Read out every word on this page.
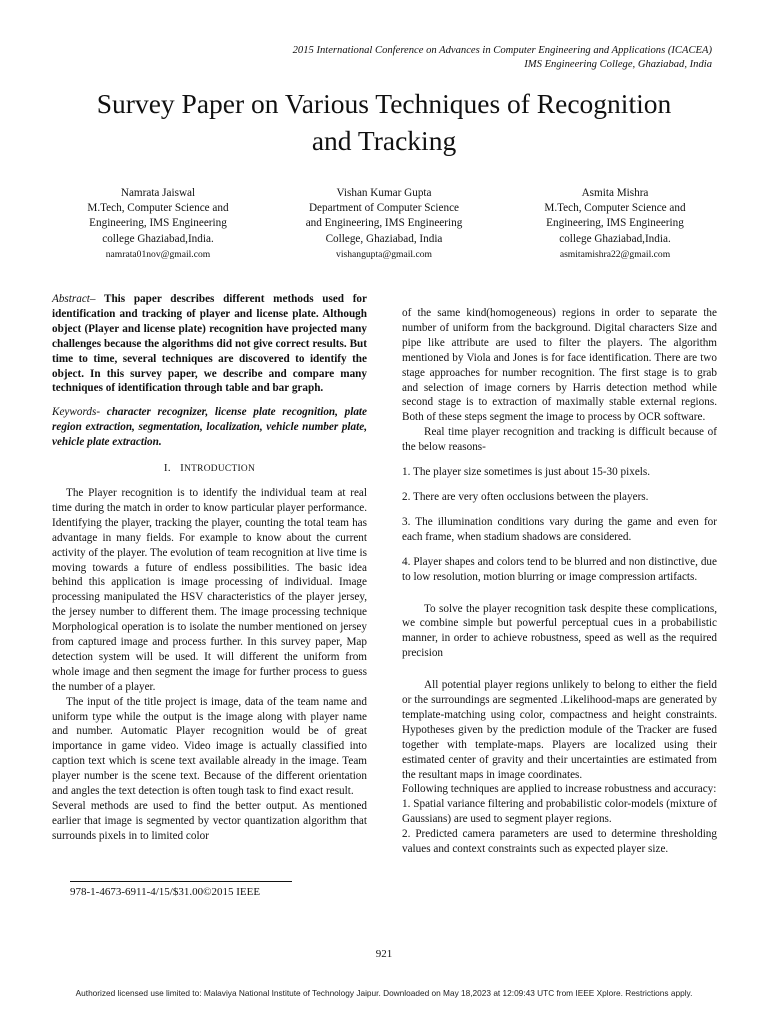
2015 International Conference on Advances in Computer Engineering and Applications (ICACEA)
IMS Engineering College, Ghaziabad, India
Survey Paper on Various Techniques of Recognition
and Tracking
Namrata Jaiswal
M.Tech, Computer Science and
Engineering, IMS Engineering
college Ghaziabad,India.
namrata01nov@gmail.com
Vishan Kumar Gupta
Department of Computer Science
and Engineering, IMS Engineering
College, Ghaziabad, India
vishangupta@gmail.com
Asmita Mishra
M.Tech, Computer Science and
Engineering, IMS Engineering
college Ghaziabad,India.
asmitamishra22@gmail.com

Abstract– This paper describes different methods used for identification and tracking of player and license plate. Although object (Player and license plate) recognition have projected many challenges because the algorithms did not give correct results. But time to time, several techniques are discovered to identify the object. In this survey paper, we describe and compare many techniques of identification through table and bar graph.

Keywords- character recognizer, license plate recognition, plate region extraction, segmentation, localization, vehicle number plate, vehicle plate extraction.

I. INTRODUCTION

The Player recognition is to identify the individual team at real time during the match in order to know particular player performance. Identifying the player, tracking the player, counting the total team has advantage in many fields. For example to know about the current activity of the player. The evolution of team recognition at live time is moving towards a future of endless possibilities. The basic idea behind this application is image processing of individual. Image processing manipulated the HSV characteristics of the player jersey, the jersey number to different them. The image processing technique Morphological operation is to isolate the number mentioned on jersey from captured image and process further. In this survey paper, Map detection system will be used. It will different the uniform from whole image and then segment the image for further process to guess the number of a player.

The input of the title project is image, data of the team name and uniform type while the output is the image along with player name and number. Automatic Player recognition would be of great importance in game video. Video image is actually classified into caption text which is scene text available already in the image. Team player number is the scene text. Because of the different orientation and angles the text detection is often tough task to find exact result.

Several methods are used to find the better output. As mentioned earlier that image is segmented by vector quantization algorithm that surrounds pixels in to limited color

of the same kind(homogeneous) regions in order to separate the number of uniform from the background. Digital characters Size and pipe like attribute are used to filter the players. The algorithm mentioned by Viola and Jones is for face identification. There are two stage approaches for number recognition. The first stage is to grab and selection of image corners by Harris detection method while second stage is to extraction of maximally stable external regions. Both of these steps segment the image to process by OCR software.

Real time player recognition and tracking is difficult because of the below reasons-

1. The player size sometimes is just about 15-30 pixels.

2. There are very often occlusions between the players.

3. The illumination conditions vary during the game and even for each frame, when stadium shadows are considered.

4. Player shapes and colors tend to be blurred and non distinctive, due to low resolution, motion blurring or image compression artifacts.

To solve the player recognition task despite these complications, we combine simple but powerful perceptual cues in a probabilistic manner, in order to achieve robustness, speed as well as the required precision

All potential player regions unlikely to belong to either the field or the surroundings are segmented .Likelihood-maps are generated by template-matching using color, compactness and height constraints. Hypotheses given by the prediction module of the Tracker are fused together with template-maps. Players are localized using their estimated center of gravity and their uncertainties are estimated from the resultant maps in image coordinates.

Following techniques are applied to increase robustness and accuracy:

1. Spatial variance filtering and probabilistic color-models (mixture of Gaussians) are used to segment player regions.

2. Predicted camera parameters are used to determine thresholding values and context constraints such as expected player size.

978-1-4673-6911-4/15/$31.00©2015 IEEE
921
Authorized licensed use limited to: Malaviya National Institute of Technology Jaipur. Downloaded on May 18,2023 at 12:09:43 UTC from IEEE Xplore. Restrictions apply.
